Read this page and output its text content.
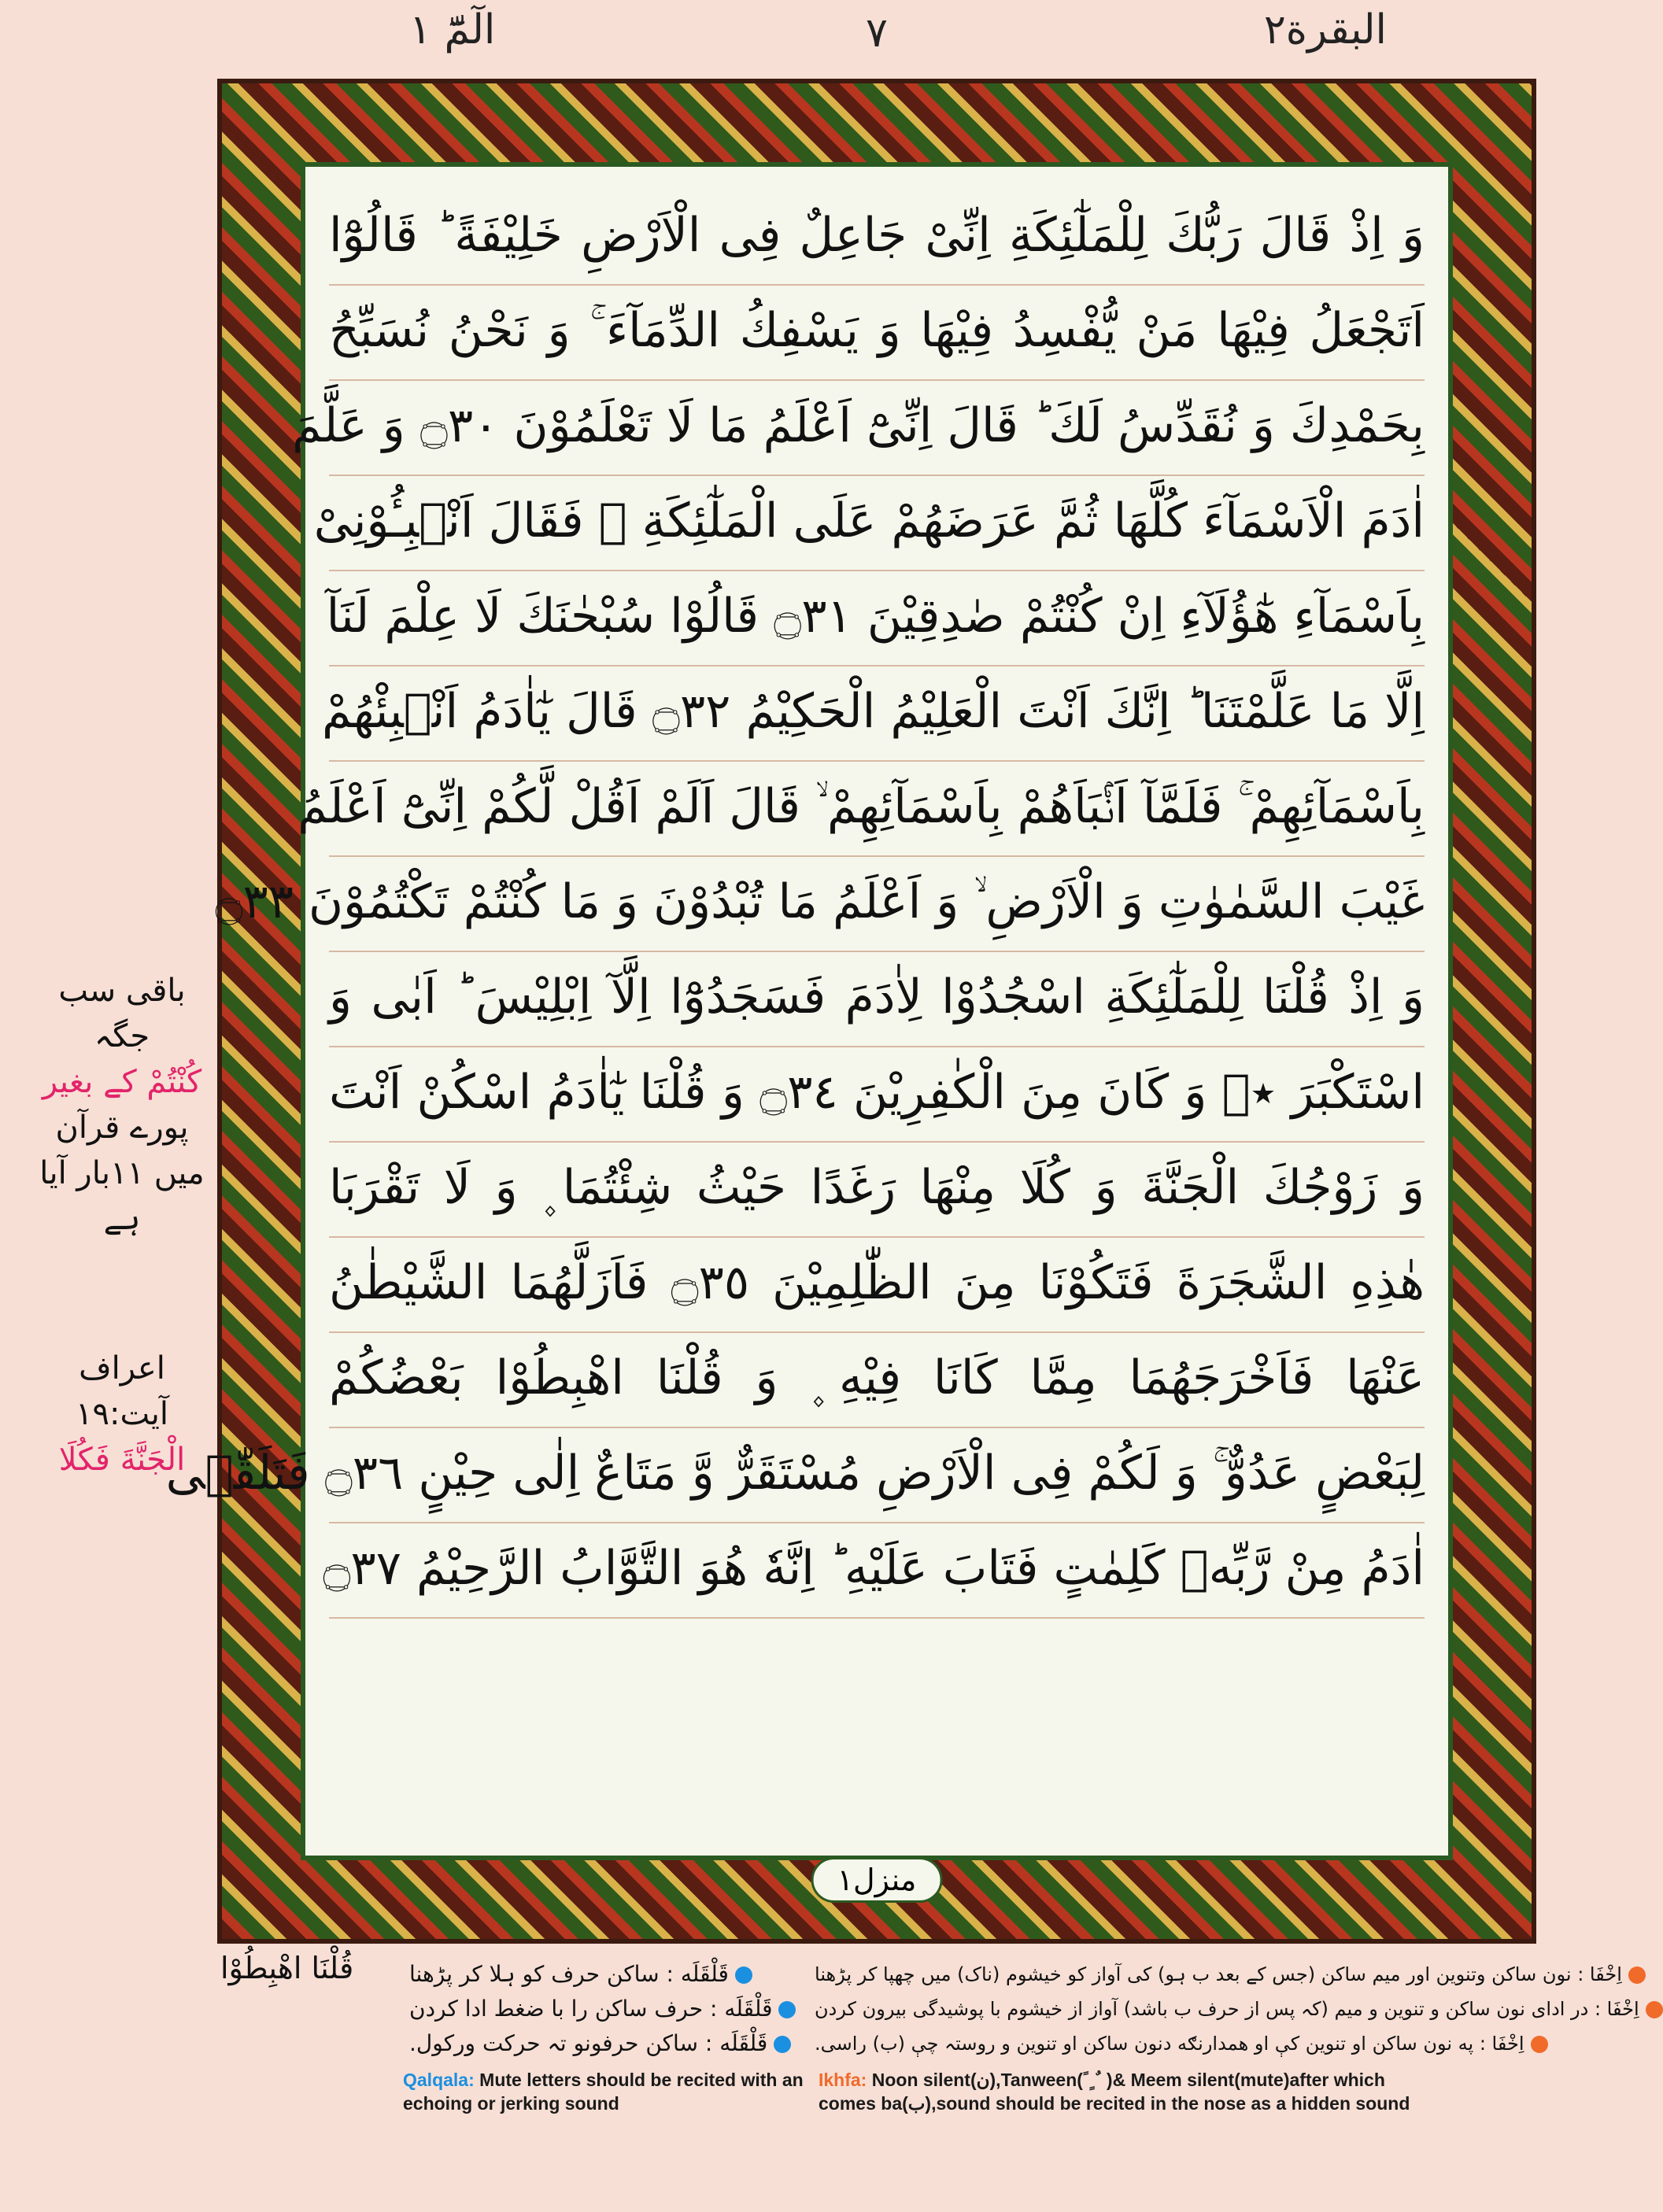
البقرة٢
٧
الٓمّٓ ١
باقی سب جگہ
كُنْتُمْ کے بغیر
پورے قرآن
میں ۱۱بار آیا ہے
اعراف آیت:١٩
الْجَنَّةَ فَكُلَا
وَ اِذْ قَالَ رَبُّكَ لِلْمَلٰٓئِكَةِ اِنِّیْ جَاعِلٌ فِی الْاَرْضِ خَلِیْفَةً ؕ قَالُوْٓا
اَتَجْعَلُ فِیْهَا مَنْ یُّفْسِدُ فِیْهَا وَ یَسْفِكُ الدِّمَآءَ ۚ وَ نَحْنُ نُسَبِّحُ
بِحَمْدِكَ وَ نُقَدِّسُ لَكَ ؕ قَالَ اِنِّیْٓ اَعْلَمُ مَا لَا تَعْلَمُوْنَ ۝٣٠ وَ عَلَّمَ
اٰدَمَ الْاَسْمَآءَ كُلَّهَا ثُمَّ عَرَضَهُمْ عَلَی الْمَلٰٓئِكَةِ ۙ فَقَالَ اَنْۢبِـُٔوْنِیْ
بِاَسْمَآءِ هٰٓؤُلَآءِ اِنْ كُنْتُمْ صٰدِقِیْنَ ۝٣١ قَالُوْا سُبْحٰنَكَ لَا عِلْمَ لَنَآ
اِلَّا مَا عَلَّمْتَنَا ؕ اِنَّكَ اَنْتَ الْعَلِیْمُ الْحَكِیْمُ ۝٣٢ قَالَ یٰٓاٰدَمُ اَنْۢبِئْهُمْ
بِاَسْمَآئِهِمْ ۚ فَلَمَّآ اَنْۢبَاَهُمْ بِاَسْمَآئِهِمْ ۙ قَالَ اَلَمْ اَقُلْ لَّكُمْ اِنِّیْٓ اَعْلَمُ
غَیْبَ السَّمٰوٰتِ وَ الْاَرْضِ ۙ وَ اَعْلَمُ مَا تُبْدُوْنَ وَ مَا كُنْتُمْ تَكْتُمُوْنَ ۝٣٣
وَ اِذْ قُلْنَا لِلْمَلٰٓئِكَةِ اسْجُدُوْا لِاٰدَمَ فَسَجَدُوْٓا اِلَّآ اِبْلِیْسَ ؕ اَبٰی وَ
اسْتَكْبَرَ ٭ۗ وَ كَانَ مِنَ الْكٰفِرِیْنَ ۝٣٤ وَ قُلْنَا یٰٓاٰدَمُ اسْكُنْ اَنْتَ
وَ زَوْجُكَ الْجَنَّةَ وَ كُلَا مِنْهَا رَغَدًا حَیْثُ شِئْتُمَا ۪ وَ لَا تَقْرَبَا
هٰذِهِ الشَّجَرَةَ فَتَكُوْنَا مِنَ الظّٰلِمِیْنَ ۝٣٥ فَاَزَلَّهُمَا الشَّیْطٰنُ
عَنْهَا فَاَخْرَجَهُمَا مِمَّا كَانَا فِیْهِ ۪ وَ قُلْنَا اهْبِطُوْا بَعْضُكُمْ
لِبَعْضٍ عَدُوٌّ ۚ وَ لَكُمْ فِی الْاَرْضِ مُسْتَقَرٌّ وَّ مَتَاعٌ اِلٰی حِیْنٍ ۝٣٦ فَتَلَقّٰۤی
اٰدَمُ مِنْ رَّبِّهٖ كَلِمٰتٍ فَتَابَ عَلَیْهِ ؕ اِنَّهٗ هُوَ التَّوَّابُ الرَّحِیْمُ ۝٣٧
منزل١
قُلْنَا اهْبِطُوْا	قَلْقَلَه : ساکن حرف کو ہلا کر پڑھنا
قَلْقَلَه : حرف ساکن را با ضغط ادا کردن
قَلْقَلَه : ساکن حرفونو تہ حرکت ورکول.
اِخْفَا : نون ساکن وتنوین اور میم ساکن (جس کے بعد ب ہو) کی آواز کو خیشوم (ناک) میں چھپا کر پڑھنا
اِخْفَا : در ادای نون ساکن و تنوین و میم (کہ پس از حرف ب باشد) آواز از خیشوم با پوشیدگی بیرون کردن
اِخْفَا : په نون ساکن او تنوین کې او همدارنګه دنون ساکن او تنوین و روستہ چې (ب) راسی.
Qalqala: Mute letters should be recited with an echoing or jerking sound
Ikhfa: Noon silent(ن),Tanween( ً ٍ ٌ )& Meem silent(mute)after which
comes ba(ب),sound should be recited in the nose as a hidden sound
